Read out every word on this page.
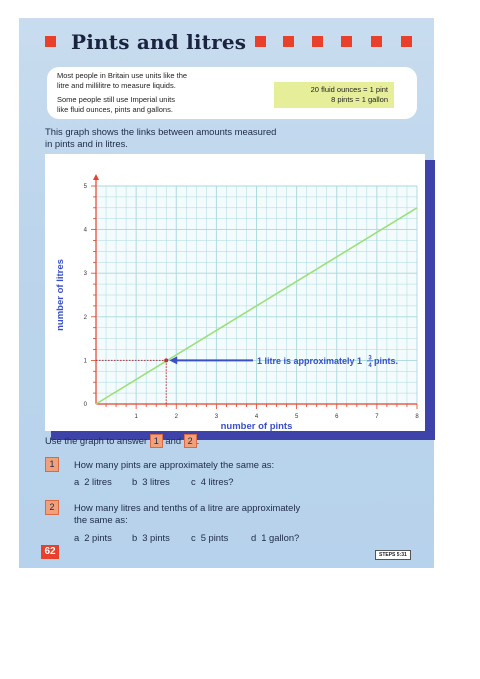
Pints and litres
Most people in Britain use units like the
litre and millilitre to measure liquids.
Some people still use Imperial units
like fluid ounces, pints and gallons.
20 fluid ounces = 1 pint
8 pints = 1 gallon
This graph shows the links between amounts measured
in pints and in litres.
1	2	3	4	5	6	7	8
0
1
2
3
4
5
number of pints
number of litres
1 litre is approximately 1 3
4 pints.
Use the graph to answer 1 and 2 .
1	How many pints are approximately the same as:
a 2 litres b 3 litres c 4 litres?
2	How many litres and tenths of a litre are approximately
the same as:
a 2 pints b 3 pints c 5 pints d 1 gallon?
62	STEPS 5:31
